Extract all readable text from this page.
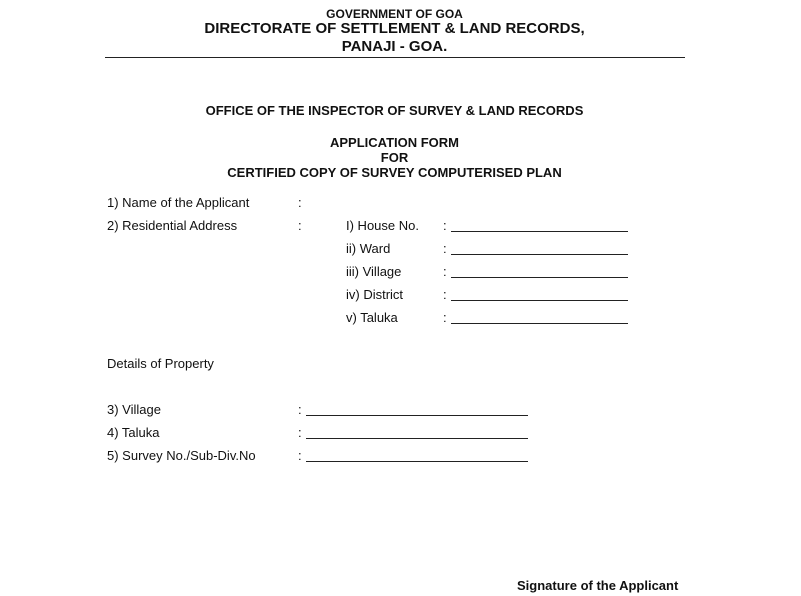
GOVERNMENT OF GOA
DIRECTORATE OF SETTLEMENT & LAND RECORDS,
PANAJI - GOA.
OFFICE OF THE INSPECTOR OF SURVEY & LAND RECORDS
APPLICATION FORM
FOR
CERTIFIED COPY OF SURVEY COMPUTERISED PLAN
1) Name of the Applicant	:
2) Residential Address	:	I) House No. :
ii) Ward	:
iii) Village	:
iv) District	:
v) Taluka	:
Details of Property
3) Village	:
4) Taluka	:
5) Survey No./Sub-Div.No	:
Signature of the Applicant
